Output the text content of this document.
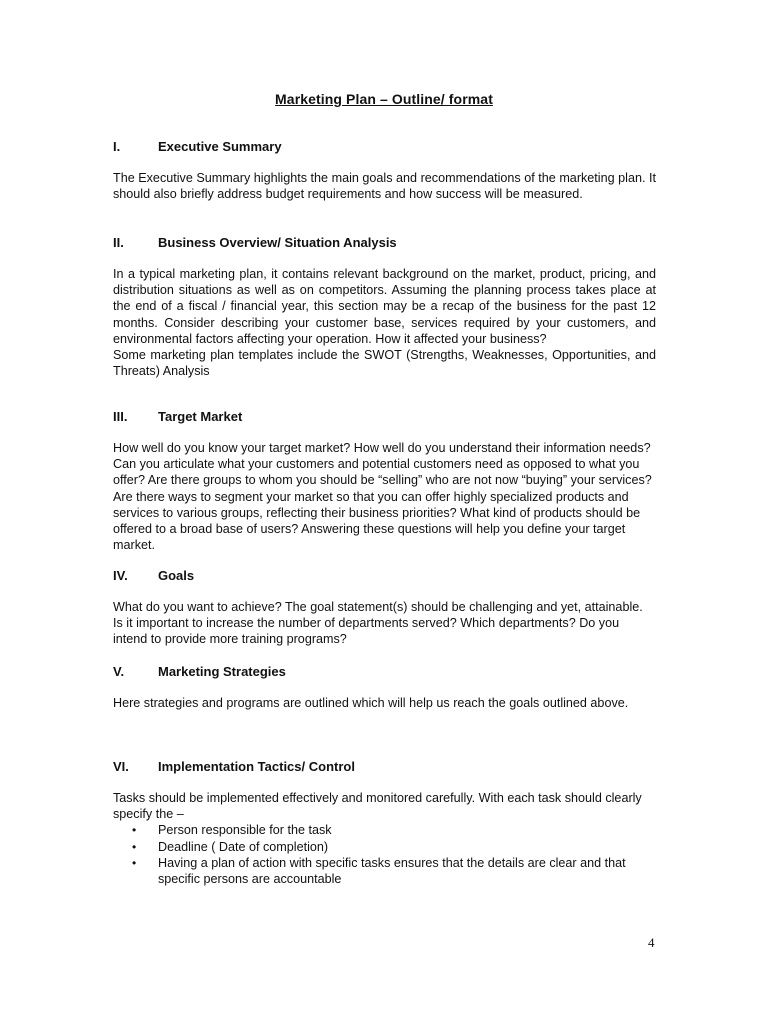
Marketing Plan – Outline/ format
I.	Executive Summary
The Executive Summary highlights the main goals and recommendations of the marketing plan. It should also briefly address budget requirements and how success will be measured.
II.	Business Overview/ Situation Analysis
In a typical marketing plan, it contains relevant background on the market, product, pricing, and distribution situations as well as on competitors. Assuming the planning process takes place at the end of a fiscal / financial year, this section may be a recap of the business for the past 12 months. Consider describing your customer base, services required by your customers, and environmental factors affecting your operation. How it affected your business?
Some marketing plan templates include the SWOT (Strengths, Weaknesses, Opportunities, and Threats) Analysis
III. Target Market
How well do you know your target market? How well do you understand their information needs? Can you articulate what your customers and potential customers need as opposed to what you offer? Are there groups to whom you should be “selling” who are not now “buying” your services? Are there ways to segment your market so that you can offer highly specialized products and services to various groups, reflecting their business priorities? What kind of products should be offered to a broad base of users? Answering these questions will help you define your target market.
IV. Goals
What do you want to achieve? The goal statement(s) should be challenging and yet, attainable. Is it important to increase the number of departments served? Which departments? Do you intend to provide more training programs?
V.	Marketing Strategies
Here strategies and programs are outlined which will help us reach the goals outlined above.
VI. Implementation Tactics/ Control
Tasks should be implemented effectively and monitored carefully. With each task should clearly specify the –
• Person responsible for the task
• Deadline ( Date of completion)
• Having a plan of action with specific tasks ensures that the details are clear and that specific persons are accountable
4
